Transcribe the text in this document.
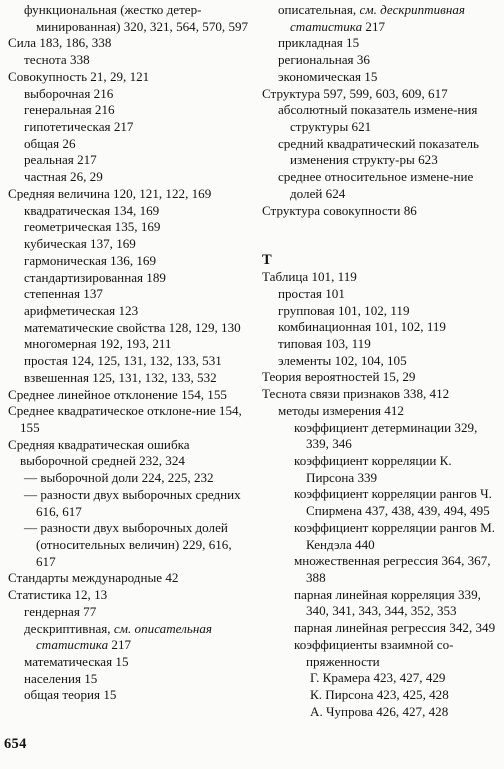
функциональная (жестко детер-минированная) 320, 321, 564, 570, 597
Сила 183, 186, 338
теснота 338
Совокупность 21, 29, 121
выборочная 216
генеральная 216
гипотетическая 217
общая 26
реальная 217
частная 26, 29
Средняя величина 120, 121, 122, 169
квадратическая 134, 169
геометрическая 135, 169
кубическая 137, 169
гармоническая 136, 169
стандартизированная 189
степенная 137
арифметическая 123
математические свойства 128, 129, 130
многомерная 192, 193, 211
простая 124, 125, 131, 132, 133, 531
взвешенная 125, 131, 132, 133, 532
Среднее линейное отклонение 154, 155
Среднее квадратическое отклоне-ние 154, 155
Средняя квадратическая ошибка выборочной средней 232, 324
— выборочной доли 224, 225, 232
— разности двух выборочных средних 616, 617
— разности двух выборочных долей (относительных величин) 229, 616, 617
Стандарты международные 42
Статистика 12, 13
гендерная 77
дескриптивная, см. описательная статистика 217
математическая 15
населения 15
общая теория 15
описательная, см. дескриптивная статистика 217
прикладная 15
региональная 36
экономическая 15
Структура 597, 599, 603, 609, 617
абсолютный показатель измене-ния структуры 621
средний квадратический показатель изменения структу-ры 623
среднее относительное измене-ние долей 624
Структура совокупности 86
Т
Таблица 101, 119
простая 101
групповая 101, 102, 119
комбинационная 101, 102, 119
типовая 103, 119
элементы 102, 104, 105
Теория вероятностей 15, 29
Теснота связи признаков 338, 412
методы измерения 412
коэффициент детерминации 329, 339, 346
коэффициент корреляции К. Пирсона 339
коэффициент корреляции рангов Ч. Спирмена 437, 438, 439, 494, 495
коэффициент корреляции рангов М. Кендэла 440
множественная регрессия 364, 367, 388
парная линейная корреляция 339, 340, 341, 343, 344, 352, 353
парная линейная регрессия 342, 349
коэффициенты взаимной со-пряженности
Г. Крамера 423, 427, 429
К. Пирсона 423, 425, 428
А. Чупрова 426, 427, 428
654
